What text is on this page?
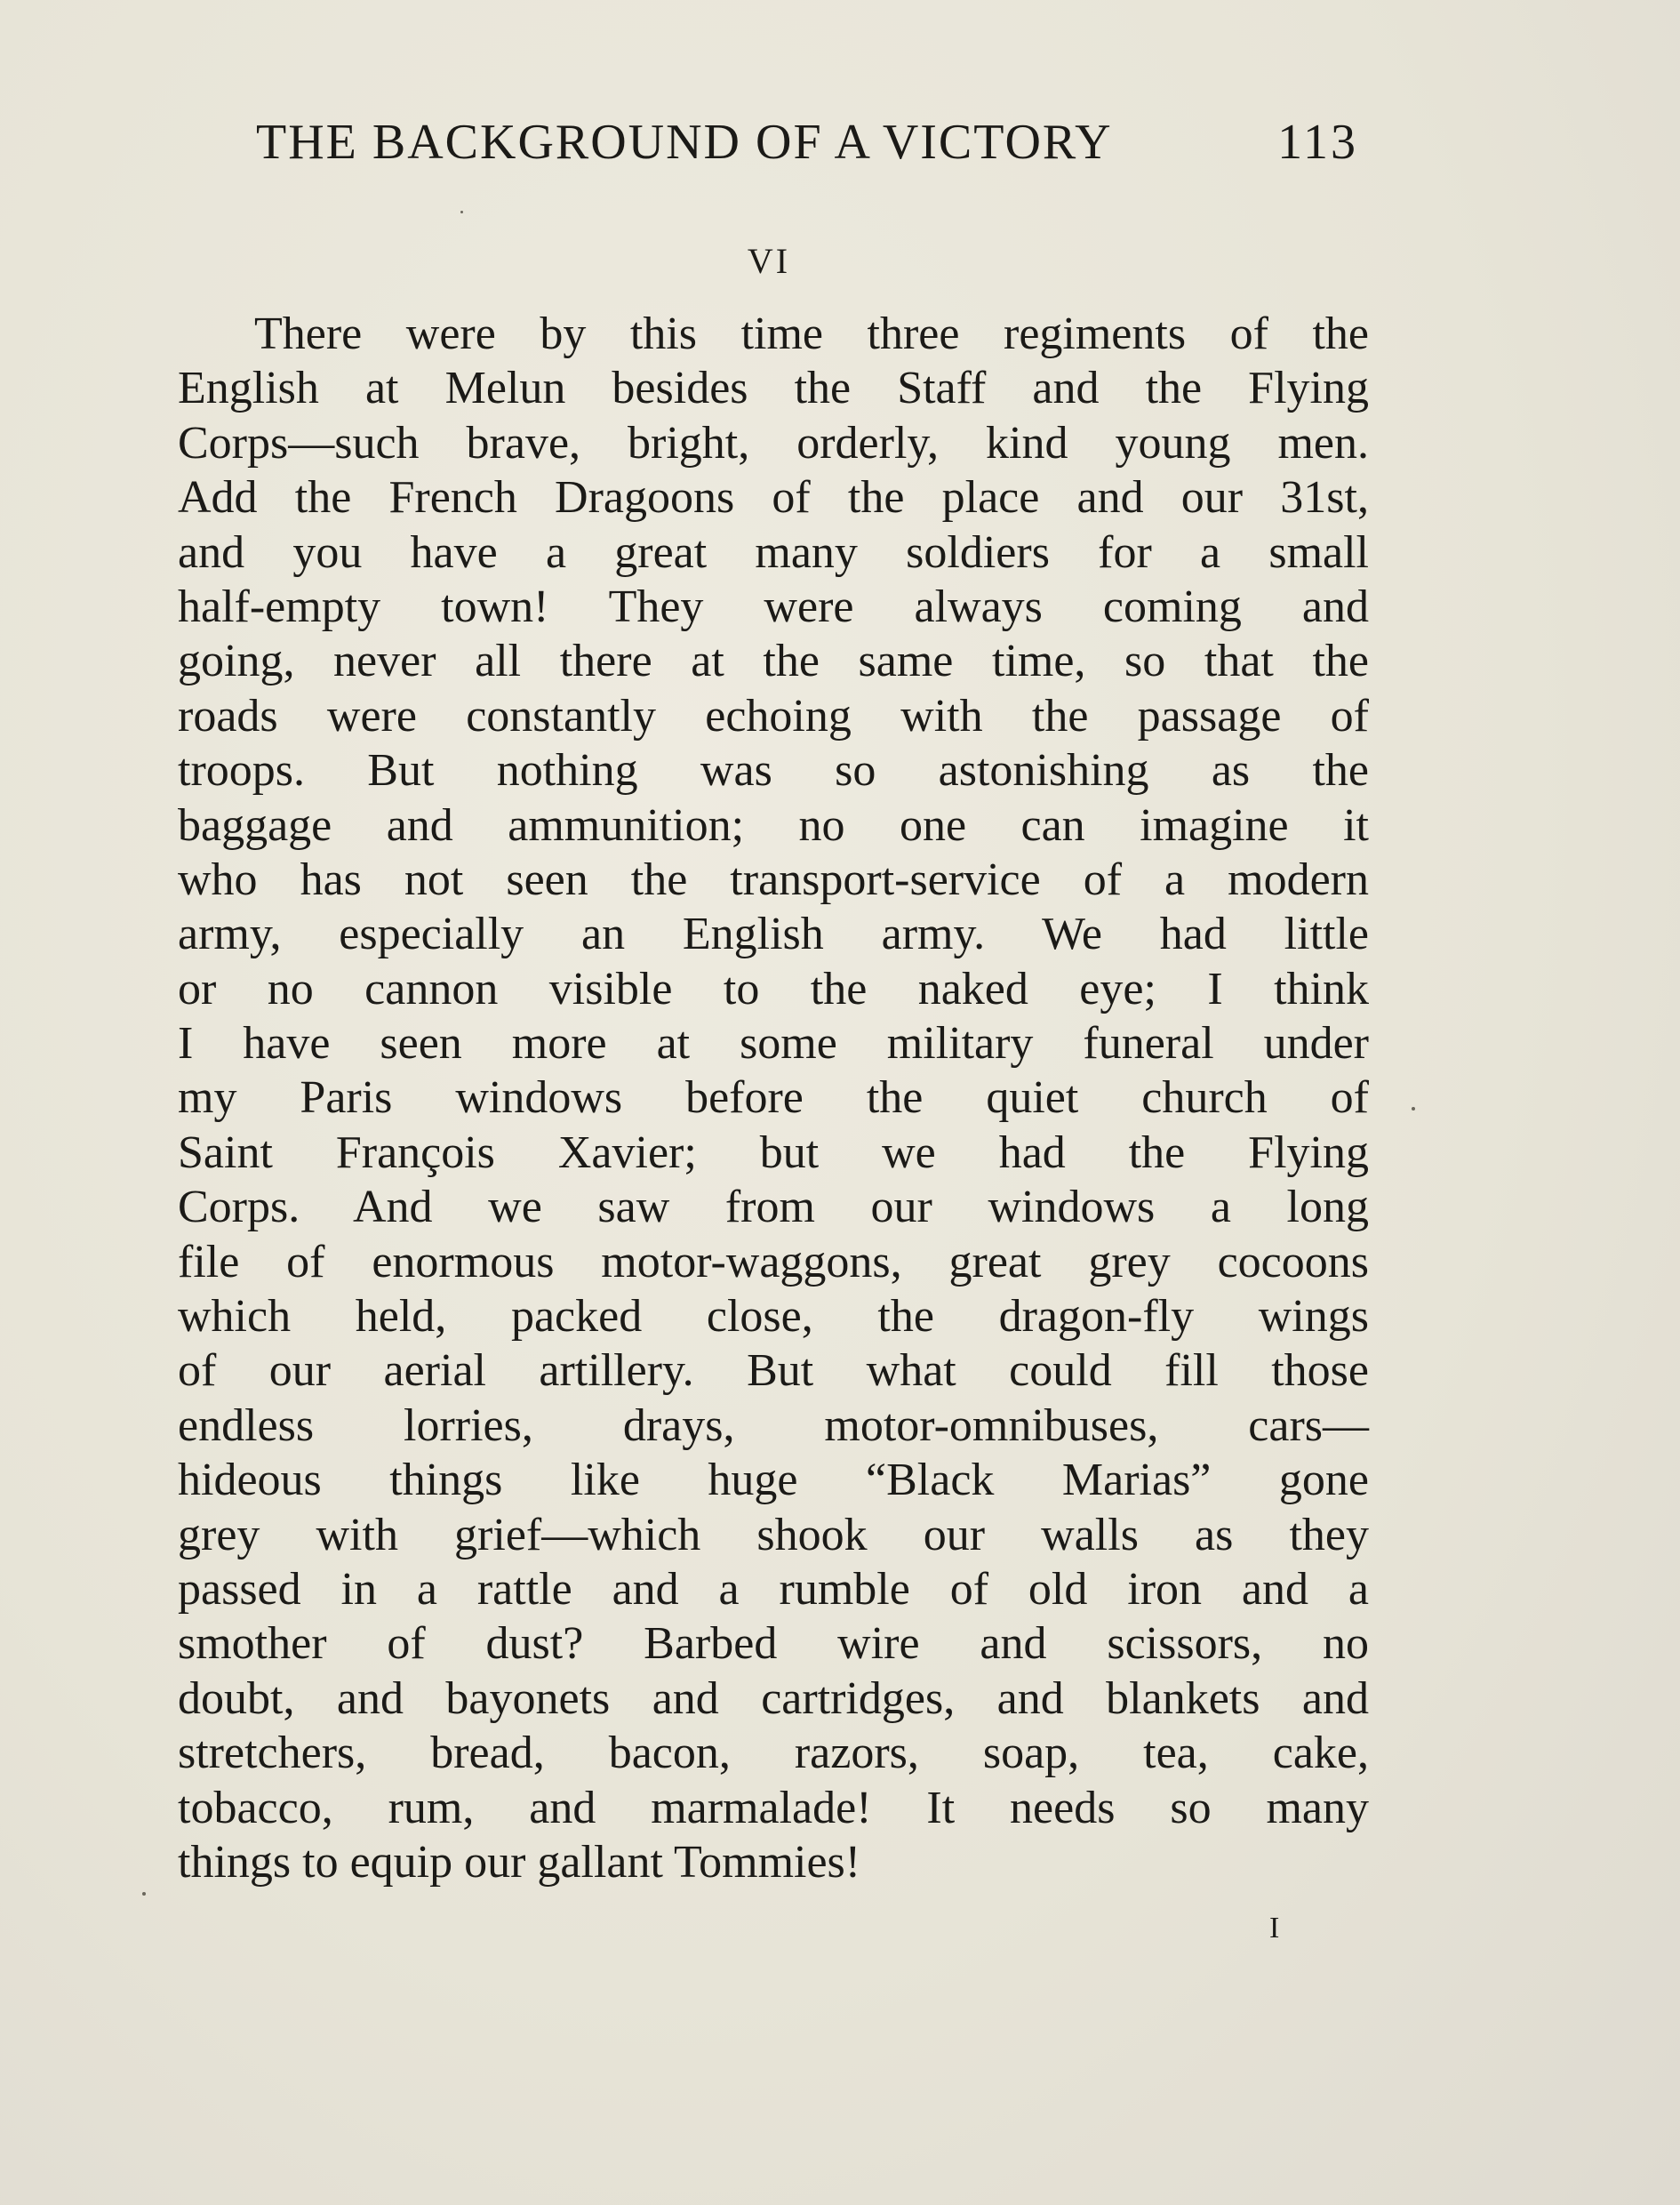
THE BACKGROUND OF A VICTORY	113
VI
There were by this time three regiments of the
English at Melun besides the Staff and the Flying
Corps—such brave, bright, orderly, kind young men.
Add the French Dragoons of the place and our 31st,
and you have a great many soldiers for a small
half-empty town! They were always coming and
going, never all there at the same time, so that the
roads were constantly echoing with the passage of
troops. But nothing was so astonishing as the
baggage and ammunition; no one can imagine it
who has not seen the transport-service of a modern
army, especially an English army. We had little
or no cannon visible to the naked eye; I think
I have seen more at some military funeral under
my Paris windows before the quiet church of
Saint François Xavier; but we had the Flying
Corps. And we saw from our windows a long
file of enormous motor-waggons, great grey cocoons
which held, packed close, the dragon-fly wings
of our aerial artillery. But what could fill those
endless lorries, drays, motor-omnibuses, cars—
hideous things like huge “Black Marias” gone
grey with grief—which shook our walls as they
passed in a rattle and a rumble of old iron and a
smother of dust? Barbed wire and scissors, no
doubt, and bayonets and cartridges, and blankets and
stretchers, bread, bacon, razors, soap, tea, cake,
tobacco, rum, and marmalade! It needs so many
things to equip our gallant Tommies!
I
